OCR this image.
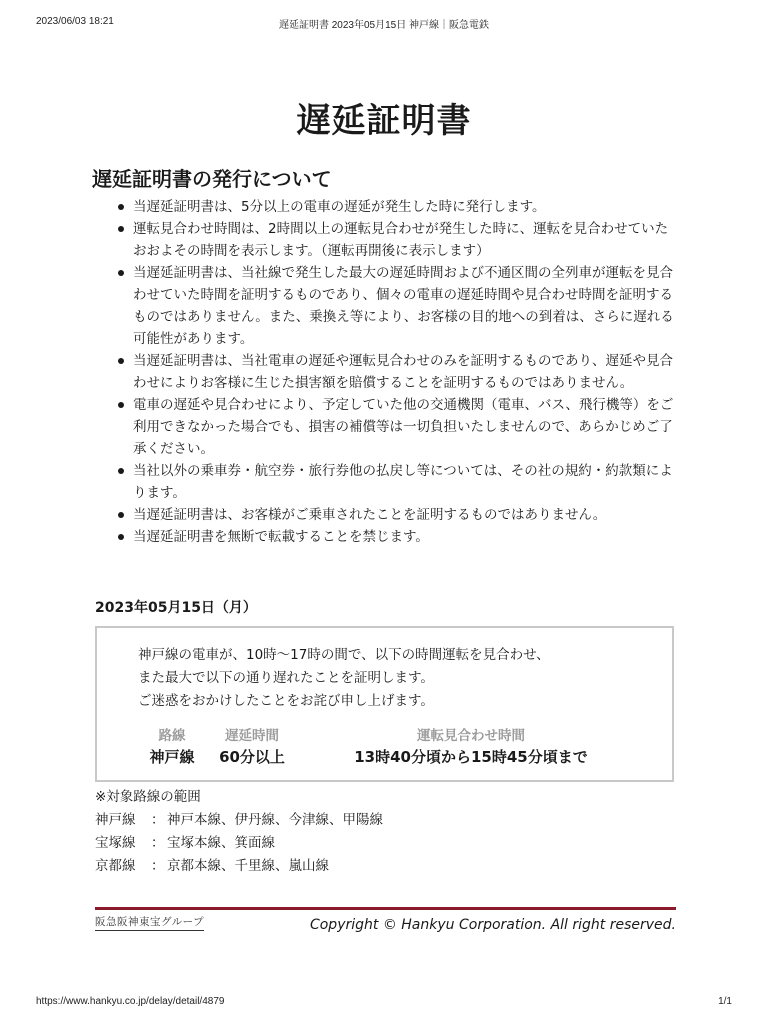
2023/06/03 18:21	遅延証明書 2023年05月15日 神戸線｜阪急電鉄
遅延証明書
遅延証明書の発行について
当遅延証明書は、5分以上の電車の遅延が発生した時に発行します。
運転見合わせ時間は、2時間以上の運転見合わせが発生した時に、運転を見合わせていたおおよその時間を表示します。（運転再開後に表示します）
当遅延証明書は、当社線で発生した最大の遅延時間および不通区間の全列車が運転を見合わせていた時間を証明するものであり、個々の電車の遅延時間や見合わせ時間を証明するものではありません。また、乗換え等により、お客様の目的地への到着は、さらに遅れる可能性があります。
当遅延証明書は、当社電車の遅延や運転見合わせのみを証明するものであり、遅延や見合わせによりお客様に生じた損害額を賠償することを証明するものではありません。
電車の遅延や見合わせにより、予定していた他の交通機関（電車、バス、飛行機等）をご利用できなかった場合でも、損害の補償等は一切負担いたしませんので、あらかじめご了承ください。
当社以外の乗車券・航空券・旅行券他の払戻し等については、その社の規約・約款類によります。
当遅延証明書は、お客様がご乗車されたことを証明するものではありません。
当遅延証明書を無断で転載することを禁じます。
2023年05月15日（月）
神戸線の電車が、10時〜17時の間で、以下の時間運転を見合わせ、
また最大で以下の通り遅れたことを証明します。
ご迷惑をおかけしたことをお詫び申し上げます。
路線	遅延時間	運転見合わせ時間
神戸線	60分以上	13時40分頃から15時45分頃まで
※対象路線の範囲
神戸線	： 神戸本線、伊丹線、今津線、甲陽線
宝塚線	： 宝塚本線、箕面線
京都線	： 京都本線、千里線、嵐山線
阪急阪神東宝グループ	Copyright © Hankyu Corporation. All right reserved.
https://www.hankyu.co.jp/delay/detail/4879	1/1
